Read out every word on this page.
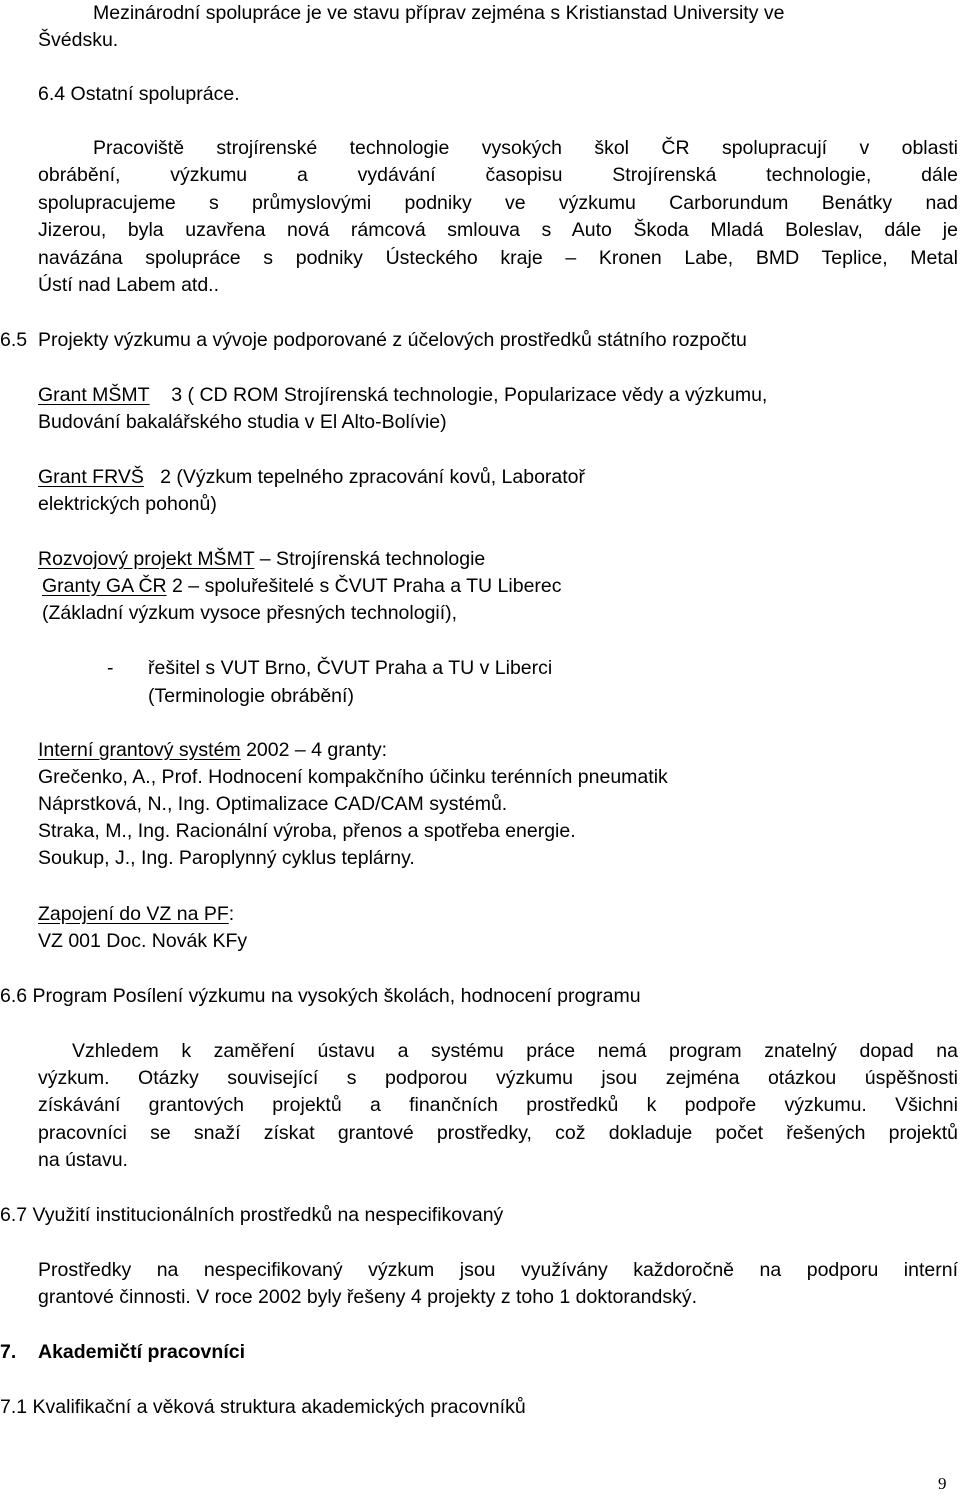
Mezinárodní spolupráce je ve stavu příprav zejména s Kristianstad University ve
Švédsku.
6.4 Ostatní spolupráce.
Pracoviště strojírenské technologie vysokých škol ČR spolupracují v oblasti
obrábění, výzkumu a vydávání časopisu Strojírenská technologie, dále
spolupracujeme s průmyslovými podniky ve výzkumu Carborundum Benátky nad
Jizerou, byla uzavřena nová rámcová smlouva s Auto Škoda Mladá Boleslav, dále je
navázána spolupráce s podniky Ústeckého kraje – Kronen Labe, BMD Teplice, Metal
Ústí nad Labem atd..
6.5 Projekty výzkumu a vývoje podporované z účelových prostředků státního rozpočtu
Grant MŠMT 3 ( CD ROM Strojírenská technologie, Popularizace vědy a výzkumu,
Budování bakalářského studia v El Alto-Bolívie)
Grant FRVŠ 2 (Výzkum tepelného zpracování kovů, Laboratoř
elektrických pohonů)
Rozvojový projekt MŠMT – Strojírenská technologie
Granty GA ČR 2 – spoluřešitelé s ČVUT Praha a TU Liberec
(Základní výzkum vysoce přesných technologií),
- řešitel s VUT Brno, ČVUT Praha a TU v Liberci
(Terminologie obrábění)
Interní grantový systém 2002 – 4 granty:
Grečenko, A., Prof. Hodnocení kompakčního účinku terénních pneumatik
Náprstková, N., Ing. Optimalizace CAD/CAM systémů.
Straka, M., Ing. Racionální výroba, přenos a spotřeba energie.
Soukup, J., Ing. Paroplynný cyklus teplárny.
Zapojení do VZ na PF:
VZ 001 Doc. Novák KFy
6.6 Program Posílení výzkumu na vysokých školách, hodnocení programu
Vzhledem k zaměření ústavu a systému práce nemá program znatelný dopad na
výzkum. Otázky související s podporou výzkumu jsou zejména otázkou úspěšnosti
získávání grantových projektů a finančních prostředků k podpoře výzkumu. Všichni
pracovníci se snaží získat grantové prostředky, což dokladuje počet řešených projektů
na ústavu.
6.7 Využití institucionálních prostředků na nespecifikovaný
Prostředky na nespecifikovaný výzkum jsou využívány každoročně na podporu interní
grantové činnosti. V roce 2002 byly řešeny 4 projekty z toho 1 doktorandský.
7. Akademičtí pracovníci
7.1 Kvalifikační a věková struktura akademických pracovníků
9
